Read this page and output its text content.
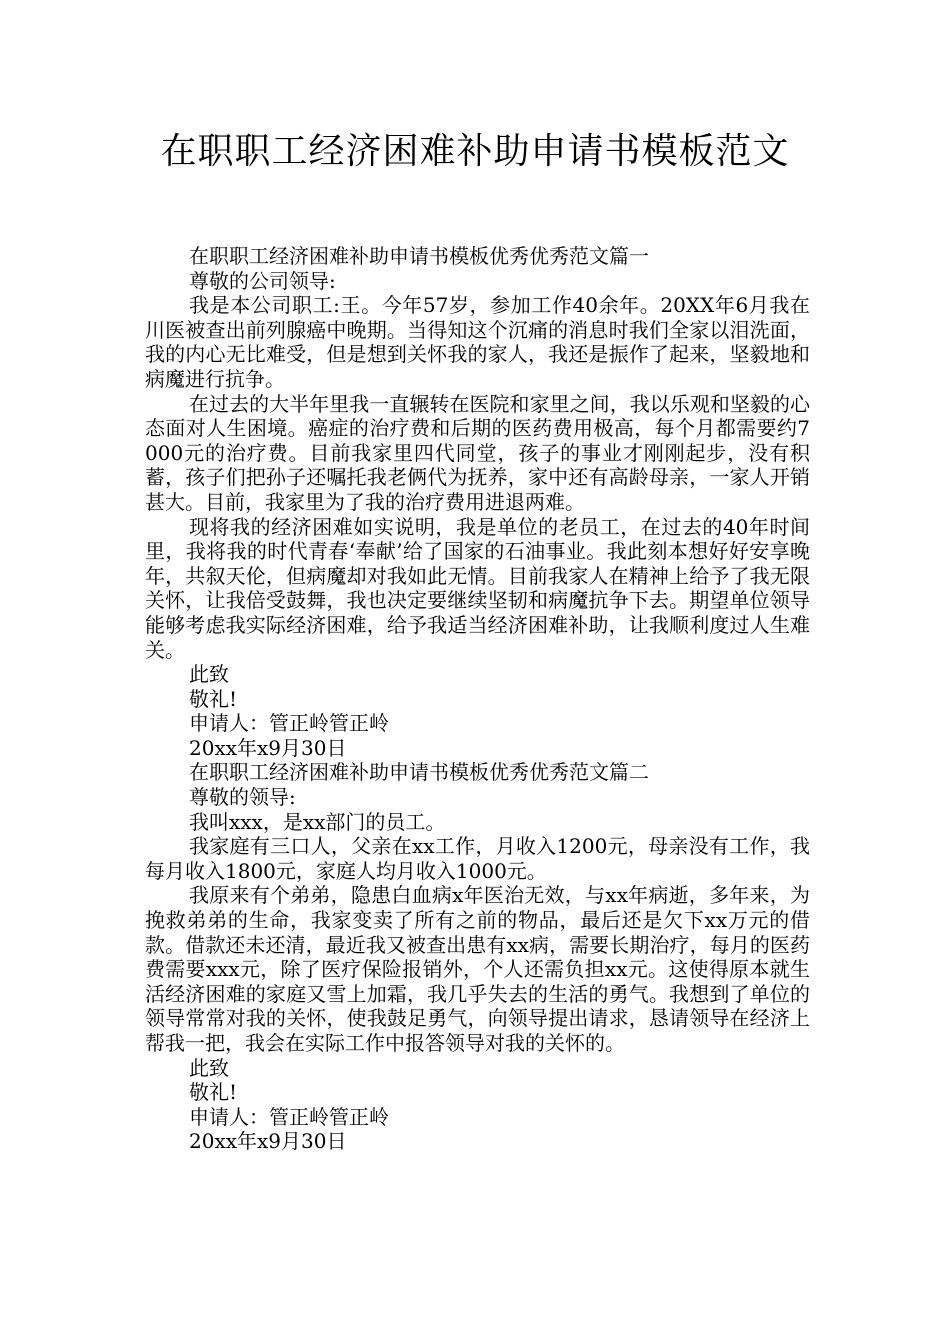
在职职工经济困难补助申请书模板范文

在职职工经济困难补助申请书模板优秀优秀范文篇一

尊敬的公司领导:

我是本公司职工:王。今年57岁，参加工作40余年。20XX年6月我在川医被查出前列腺癌中晚期。当得知这个沉痛的消息时我们全家以泪洗面，我的内心无比难受，但是想到关怀我的家人，我还是振作了起来，坚毅地和病魔进行抗争。

在过去的大半年里我一直辗转在医院和家里之间，我以乐观和坚毅的心态面对人生困境。癌症的治疗费和后期的医药费用极高，每个月都需要约7000元的治疗费。目前我家里四代同堂，孩子的事业才刚刚起步，没有积蓄，孩子们把孙子还嘱托我老俩代为抚养，家中还有高龄母亲，一家人开销甚大。目前，我家里为了我的治疗费用进退两难。

现将我的经济困难如实说明，我是单位的老员工，在过去的40年时间里，我将我的时代青春‘奉献’给了国家的石油事业。我此刻本想好好安享晚年，共叙天伦，但病魔却对我如此无情。目前我家人在精神上给予了我无限关怀，让我倍受鼓舞，我也决定要继续坚韧和病魔抗争下去。期望单位领导能够考虑我实际经济困难，给予我适当经济困难补助，让我顺利度过人生难关。

此致

敬礼!

申请人：管正岭管正岭

20xx年x9月30日

在职职工经济困难补助申请书模板优秀优秀范文篇二

尊敬的领导:

我叫xxx，是xx部门的员工。

我家庭有三口人，父亲在xx工作，月收入1200元，母亲没有工作，我每月收入1800元，家庭人均月收入1000元。

我原来有个弟弟，隐患白血病x年医治无效，与xx年病逝，多年来，为挽救弟弟的生命，我家变卖了所有之前的物品，最后还是欠下xx万元的借款。借款还未还清，最近我又被查出患有xx病，需要长期治疗，每月的医药费需要xxx元，除了医疗保险报销外，个人还需负担xx元。这使得原本就生活经济困难的家庭又雪上加霜，我几乎失去的生活的勇气。我想到了单位的领导常常对我的关怀，使我鼓足勇气，向领导提出请求，恳请领导在经济上帮我一把，我会在实际工作中报答领导对我的关怀的。

此致

敬礼!

申请人：管正岭管正岭

20xx年x9月30日
